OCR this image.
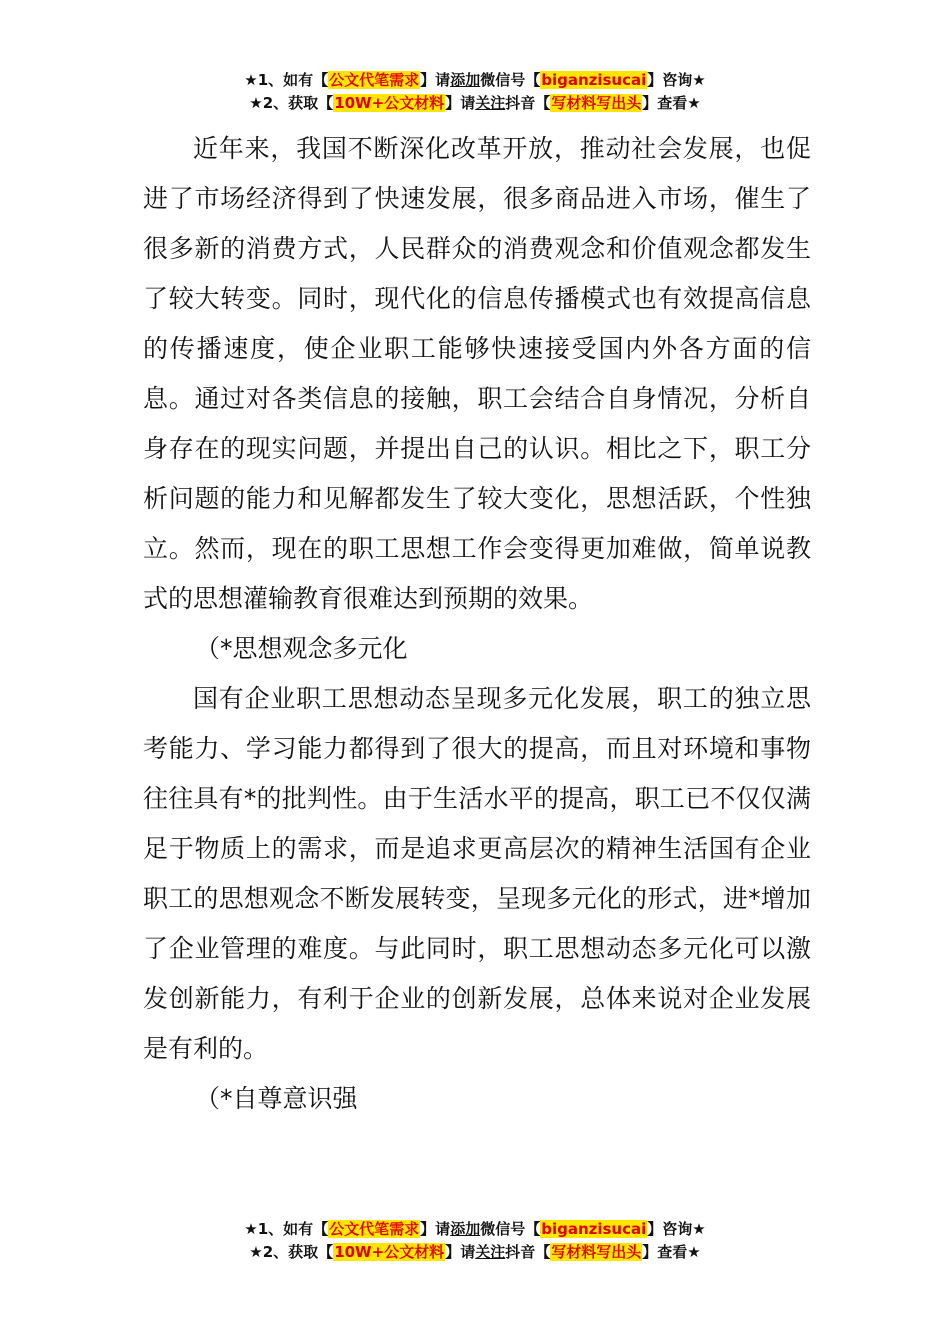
★1、如有【公文代笔需求】请添加微信号【biganzisucai】咨询★
★2、获取【10W+公文材料】请关注抖音【写材料写出头】查看★

近年来，我国不断深化改革开放，推动社会发展，也促进了市场经济得到了快速发展，很多商品进入市场，催生了很多新的消费方式，人民群众的消费观念和价值观念都发生了较大转变。同时，现代化的信息传播模式也有效提高信息的传播速度，使企业职工能够快速接受国内外各方面的信息。通过对各类信息的接触，职工会结合自身情况，分析自身存在的现实问题，并提出自己的认识。相比之下，职工分析问题的能力和见解都发生了较大变化，思想活跃，个性独立。然而，现在的职工思想工作会变得更加难做，简单说教式的思想灌输教育很难达到预期的效果。

（*思想观念多元化

国有企业职工思想动态呈现多元化发展，职工的独立思考能力、学习能力都得到了很大的提高，而且对环境和事物往往具有*的批判性。由于生活水平的提高，职工已不仅仅满足于物质上的需求，而是追求更高层次的精神生活国有企业职工的思想观念不断发展转变，呈现多元化的形式，进*增加了企业管理的难度。与此同时，职工思想动态多元化可以激发创新能力，有利于企业的创新发展，总体来说对企业发展是有利的。

（*自尊意识强

★1、如有【公文代笔需求】请添加微信号【biganzisucai】咨询★
★2、获取【10W+公文材料】请关注抖音【写材料写出头】查看★
